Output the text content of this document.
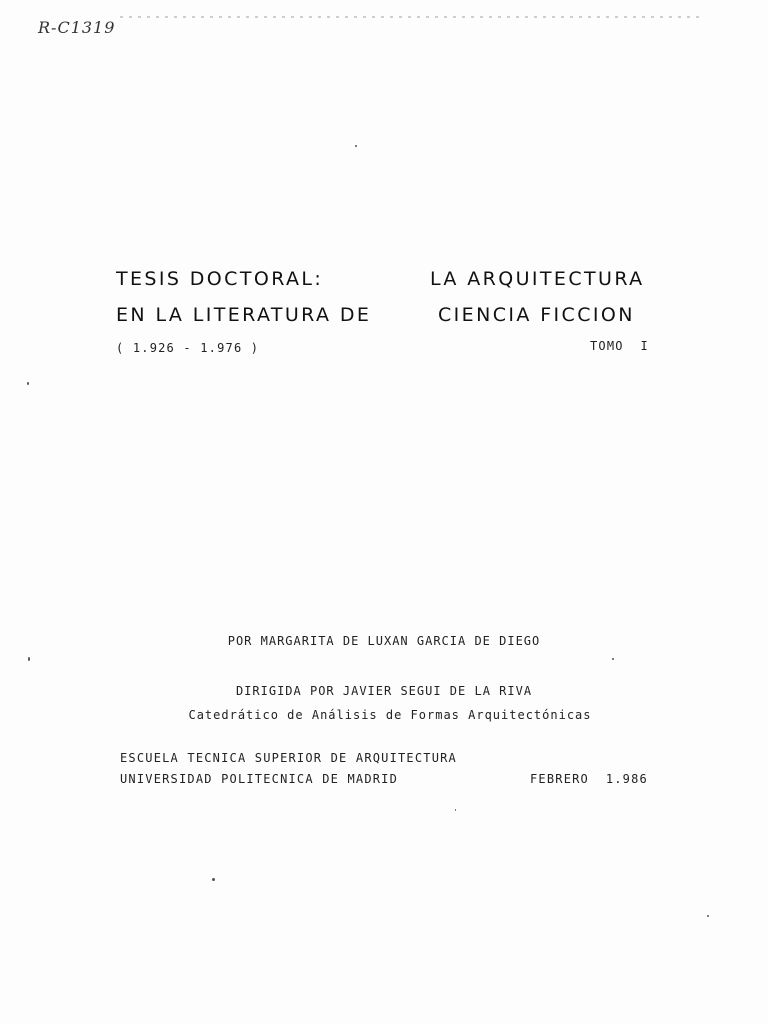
R-C1319
TESIS DOCTORAL:	LA ARQUITECTURA
EN LA LITERATURA DE	CIENCIA FICCION
( 1.926 - 1.976 )	TOMO  I
POR MARGARITA DE LUXAN GARCIA DE DIEGO
DIRIGIDA POR JAVIER SEGUI DE LA RIVA
Catedrático de Análisis de Formas Arquitectónicas
ESCUELA TECNICA SUPERIOR DE ARQUITECTURA
UNIVERSIDAD POLITECNICA DE MADRID	FEBRERO  1.986
